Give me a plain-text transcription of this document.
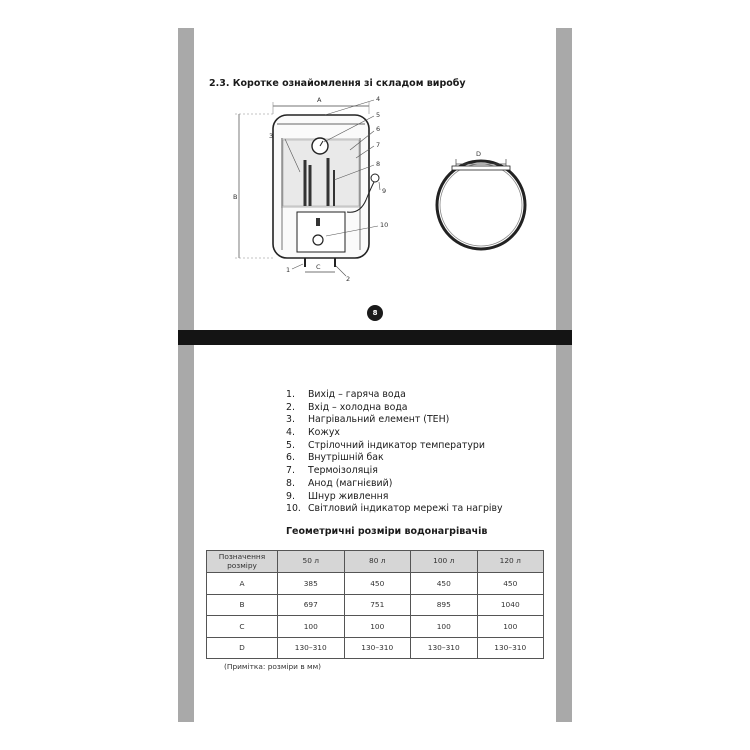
2.3. Коротке ознайомлення зі складом виробу
A
B
C
D
1
2
3
4
5
6
7
8
9
10
8
1. Вихід – гаряча вода
2. Вхід – холодна вода
3. Нагрівальний елемент (ТЕН)
4. Кожух
5. Стрілочний індикатор температури
6. Внутрішній бак
7. Термоізоляція
8. Анод (магнієвий)
9. Шнур живлення
10. Світловий індикатор мережі та нагріву
Геометричні розміри водонагрівачів
Позначення розміру	50 л	80 л	100 л	120 л
A	385	450	450	450
B	697	751	895	1040
C	100	100	100	100
D	130–310	130–310	130–310	130–310
(Примітка: розміри в мм)
